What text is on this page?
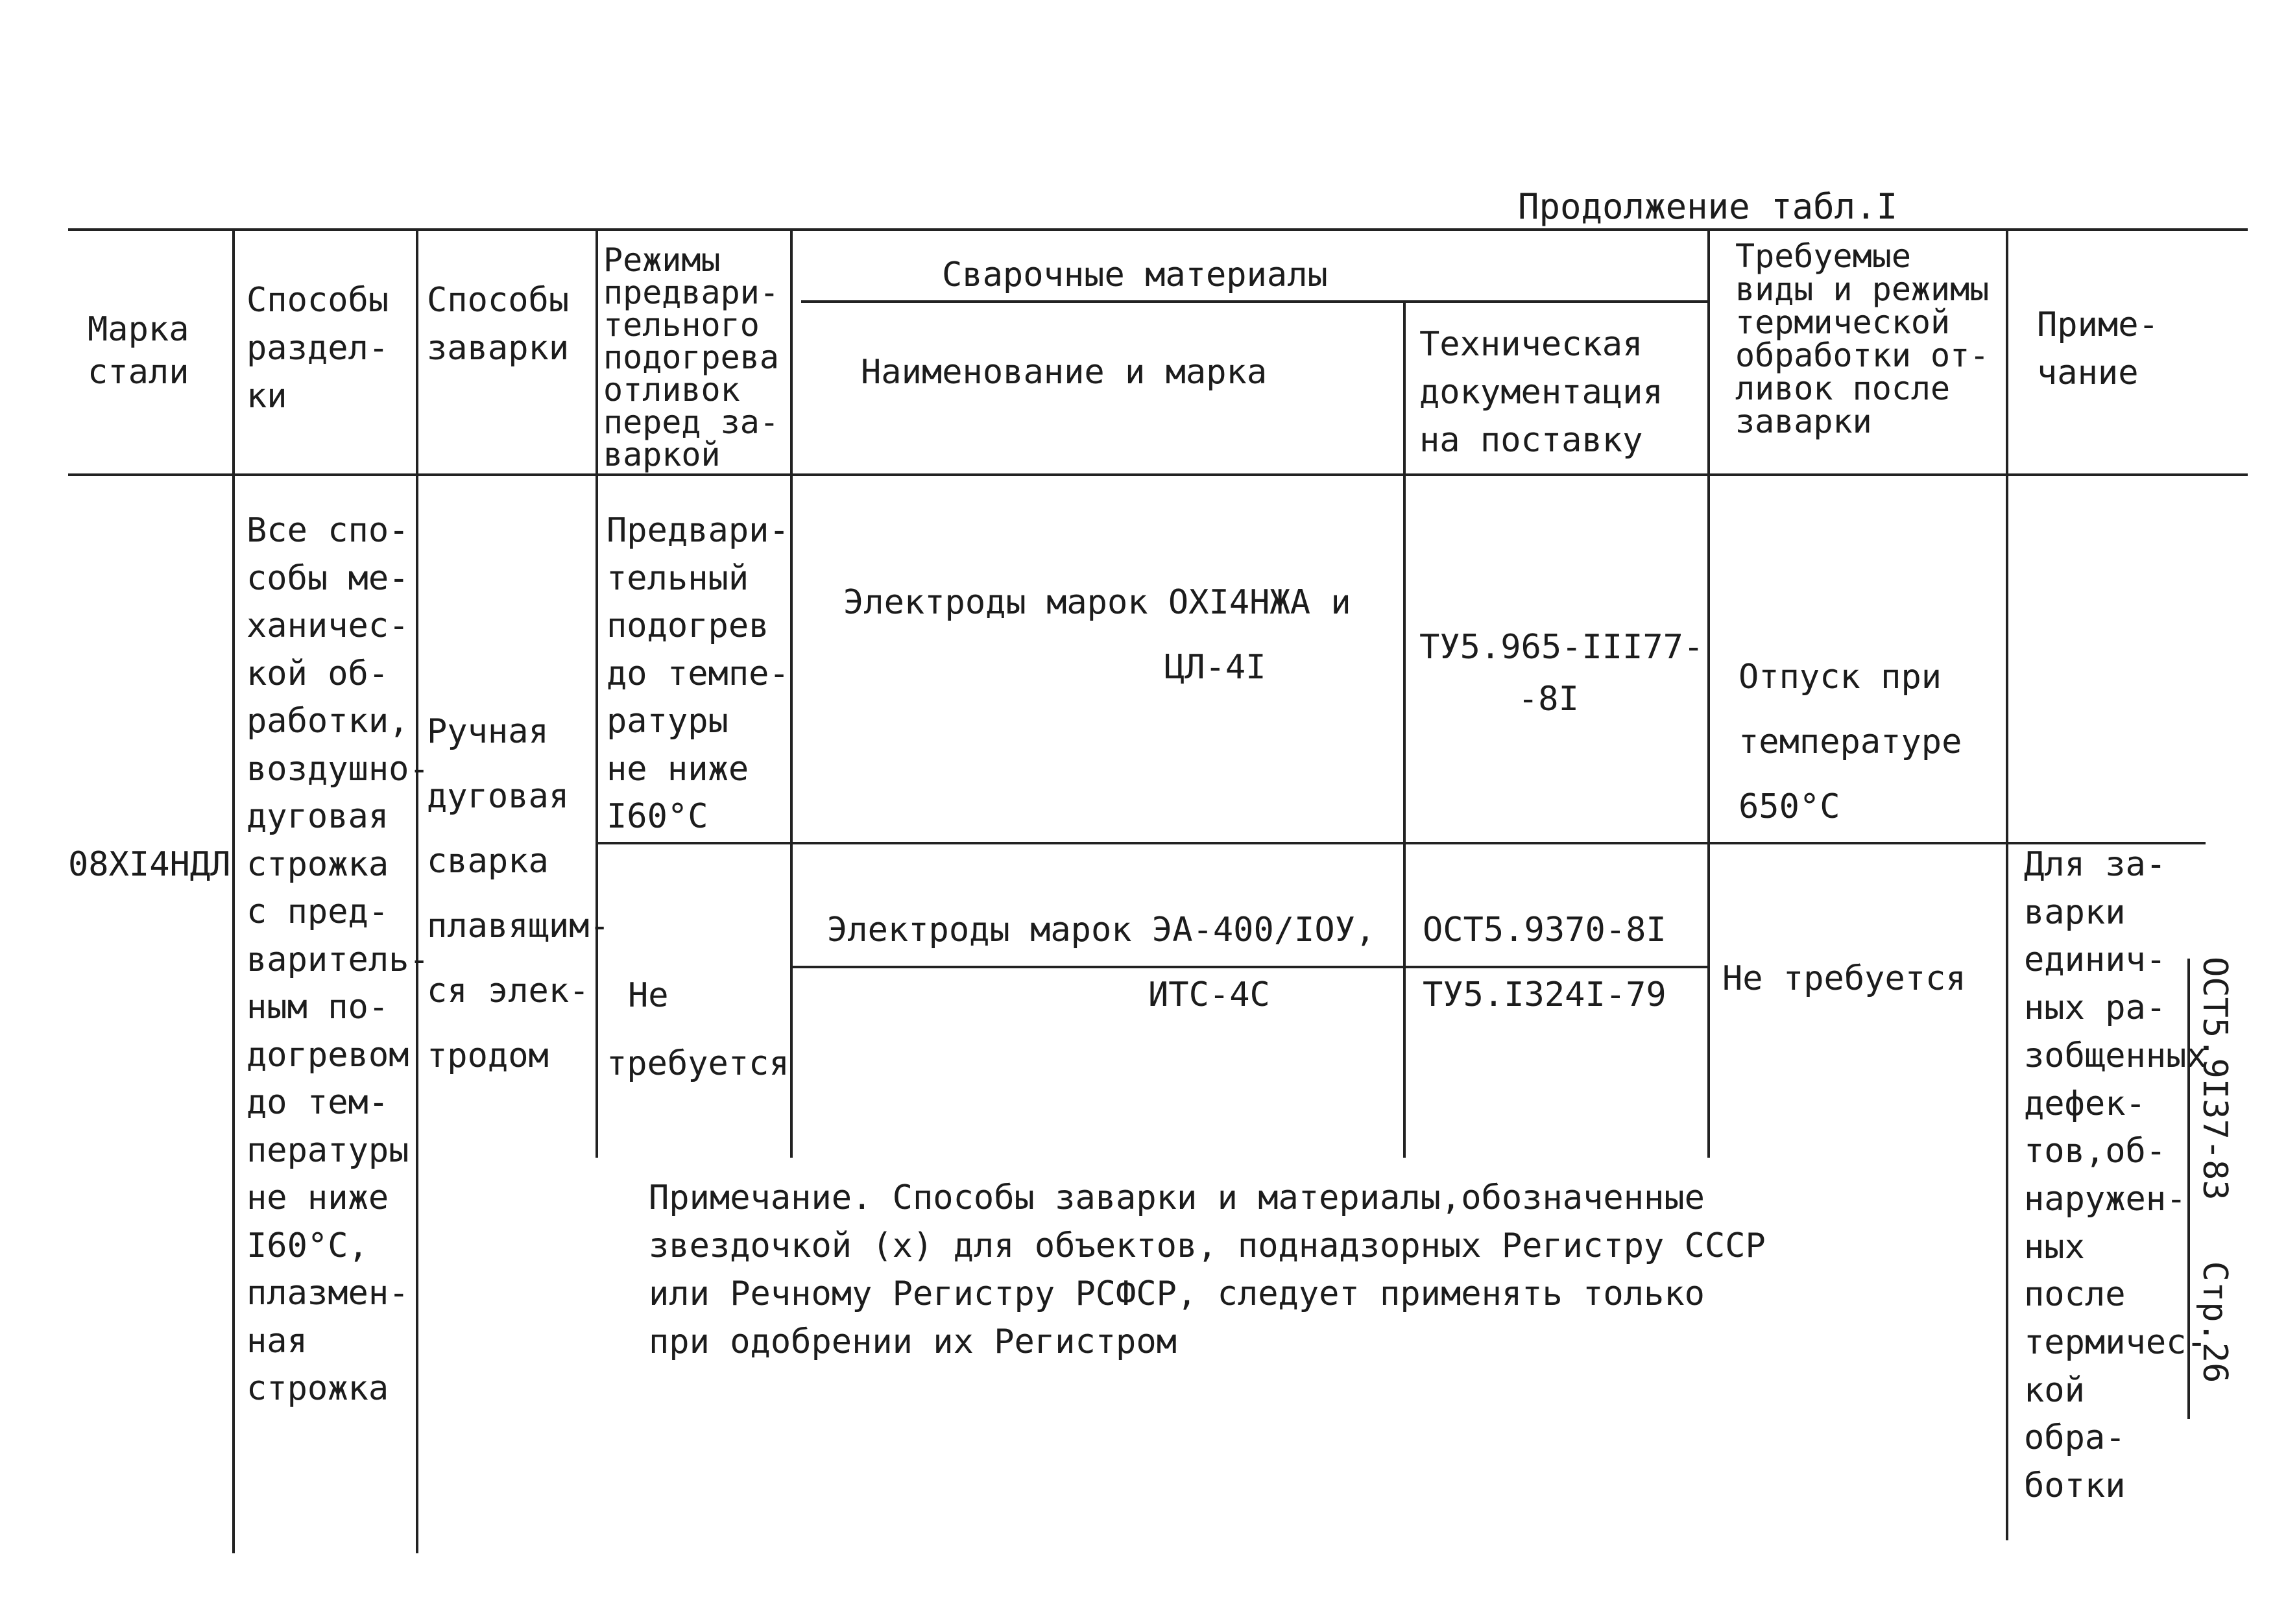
Продолжение табл.I
Марка
стали
Способы
раздел-
ки
Способы
заварки
Режимы
предвари-
тельного
подогрева
отливок
перед за-
варкой
Сварочные материалы
Наименование и марка
Техническая
документация
на поставку
Требуемые
виды и режимы
термической
обработки от-
ливок после
заварки
Приме-
чание
08XI4НДЛ
Все спо-
собы ме-
ханичес-
кой об-
работки,
воздушно-
дуговая
строжка
с пред-
варитель-
ным по-
догревом
до тем-
пературы
не ниже
I60°С,
плазмен-
ная
строжка
Ручная
дуговая
сварка
плавящим-
ся элек-
тродом
Предвари-
тельный
подогрев
до темпе-
ратуры
не ниже
I60°С
Не
требуется
Электроды марок ОХI4НЖА и
ЦЛ-4I
ТУ5.965-III77-
-8I
Отпуск при
температуре
650°С
Электроды марок ЭА-400/IOУ,
ИТС-4С
ОСТ5.9370-8I
ТУ5.I324I-79 Не требуется
Для за-
варки
единич-
ных ра-
зобщенных
дефек-
тов,об-
наружен-
ных
после
термичес-
кой
обра-
ботки
Примечание. Способы заварки и материалы,обозначенные
звездочкой (х) для объектов, поднадзорных Регистру СССР
или Речному Регистру РСФСР, следует применять только
при одобрении их Регистром	ОСТ5.9I37-83   Стр.26
